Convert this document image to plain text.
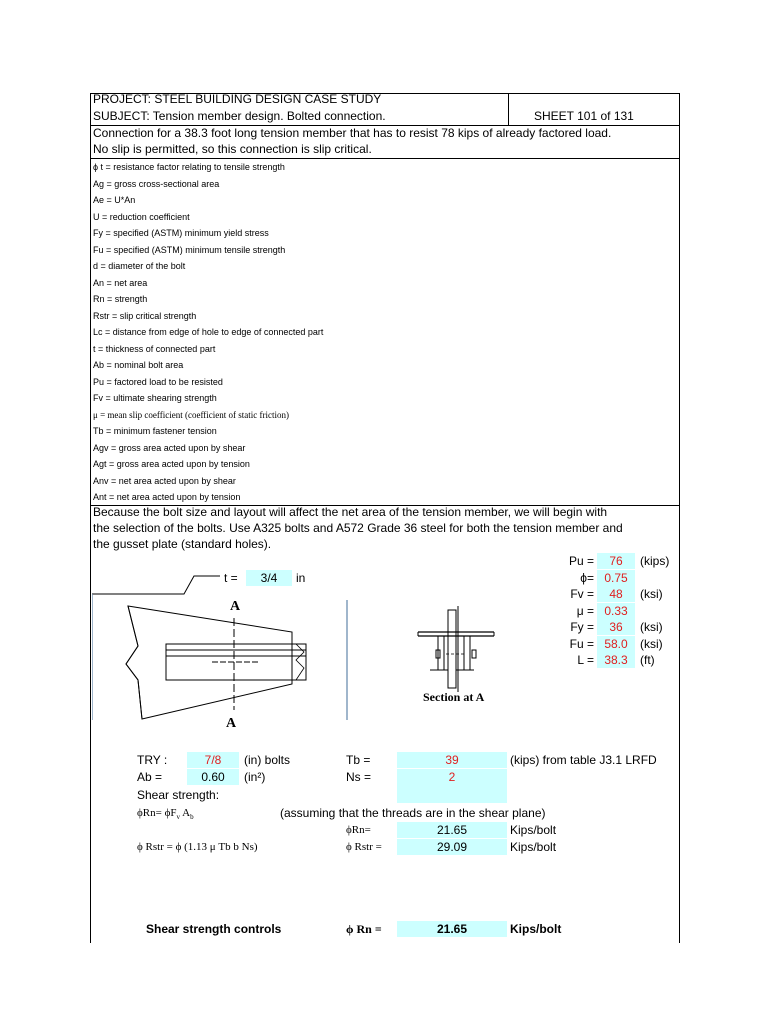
PROJECT: STEEL BUILDING DESIGN CASE STUDY
SUBJECT: Tension member design. Bolted connection.	SHEET 101 of 131
Connection for a 38.3 foot long tension member that has to resist 78 kips of already factored load.
No slip is permitted, so this connection is slip critical.
ϕ t = resistance factor relating to tensile strength
Ag = gross cross-sectional area
Ae = U*An
U = reduction coefficient
Fy = specified (ASTM) minimum yield stress
Fu = specified (ASTM) minimum tensile strength
d = diameter of the bolt
An = net area
Rn = strength
Rstr = slip critical strength
Lc = distance from edge of hole to edge of connected part
t = thickness of connected part
Ab = nominal bolt area
Pu = factored load to be resisted
Fv = ultimate shearing strength
μ = mean slip coefficient (coefficient of static friction)
Tb = minimum fastener tension
Agv = gross area acted upon by shear
Agt = gross area acted upon by tension
Anv = net area acted upon by shear
Ant = net area acted upon by tension
Because the bolt size and layout will affect the net area of the tension member, we will begin with
the selection of the bolts. Use A325 bolts and A572 Grade 36 steel for both the tension member and
the gusset plate (standard holes).
Pu =	76	(kips)
ϕ= 0.75
Fv =	48	(ksi)
μ = 0.33
Fy =	36	(ksi)
Fu = 58.0	(ksi)
L = 38.3	(ft)
t =	3/4	in
A
A
Section at A
TRY :	7/8	(in) bolts
Ab =	0.60	(in²)
Tb =	39	(kips) from table J3.1 LRFD
Ns =	2
Shear strength:
$\phi Rn= \phi F_v$ $A_b$	(assuming that the threads are in the shear plane)
ϕRn=	21.65	Kips/bolt
ϕ Rstr = ϕ (1.13 μ Tb b Ns)	ϕ Rstr =	29.09	Kips/bolt
Shear strength controls	ϕ Rn =	21.65	Kips/bolt
